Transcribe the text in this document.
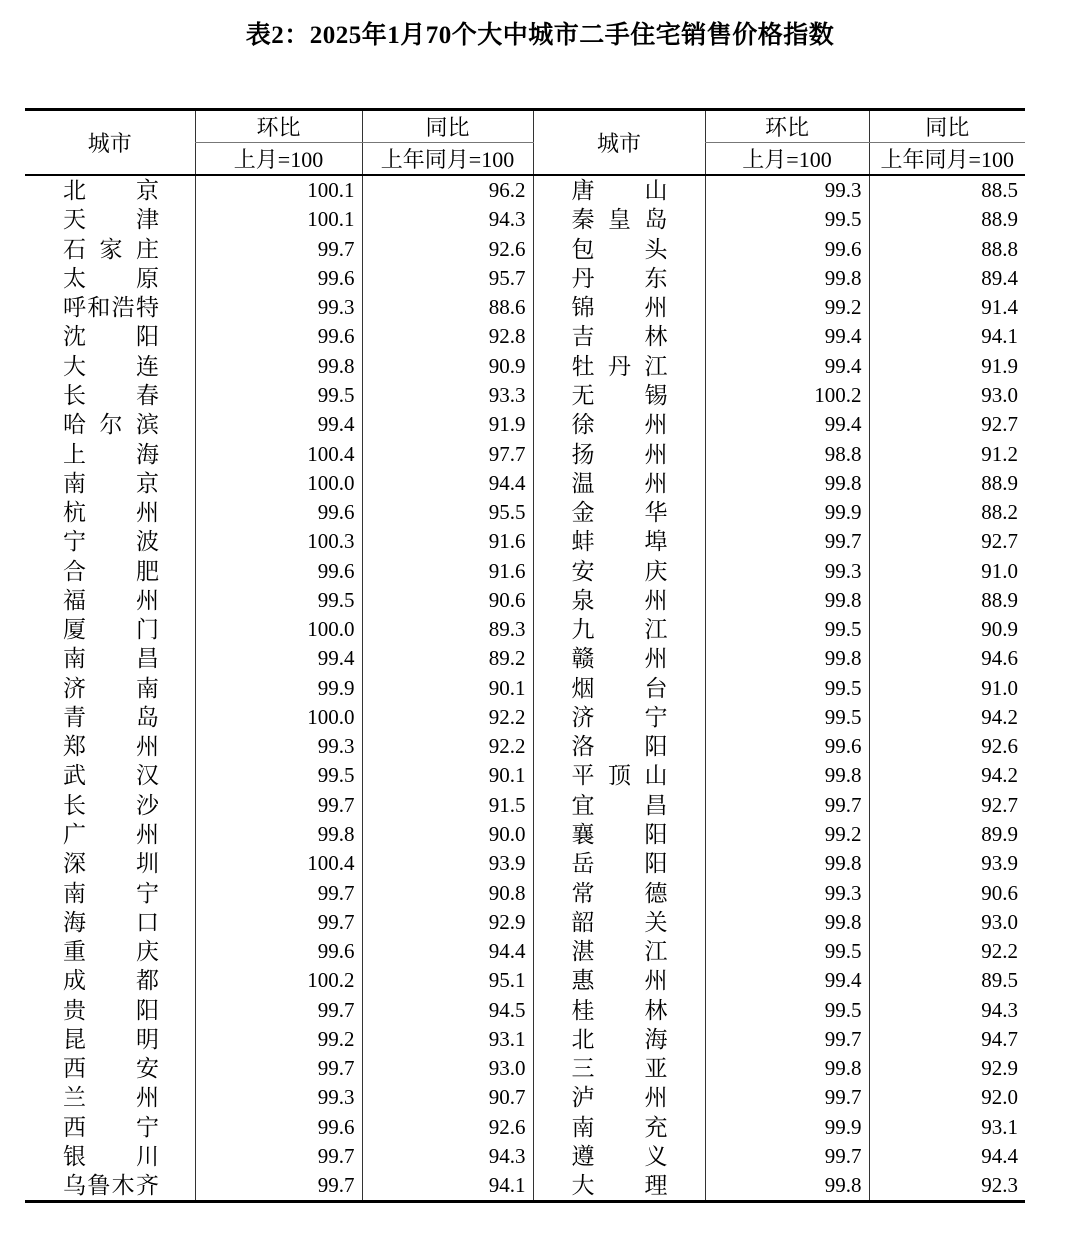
表2：2025年1月70个大中城市二手住宅销售价格指数
城市	环比	同比	城市	环比	同比
	上月=100	上年同月=100		上月=100	上年同月=100
北京	100.1	96.2	唐山	99.3	88.5
天津	100.1	94.3	秦皇岛	99.5	88.9
石家庄	99.7	92.6	包头	99.6	88.8
太原	99.6	95.7	丹东	99.8	89.4
呼和浩特	99.3	88.6	锦州	99.2	91.4
沈阳	99.6	92.8	吉林	99.4	94.1
大连	99.8	90.9	牡丹江	99.4	91.9
长春	99.5	93.3	无锡	100.2	93.0
哈尔滨	99.4	91.9	徐州	99.4	92.7
上海	100.4	97.7	扬州	98.8	91.2
南京	100.0	94.4	温州	99.8	88.9
杭州	99.6	95.5	金华	99.9	88.2
宁波	100.3	91.6	蚌埠	99.7	92.7
合肥	99.6	91.6	安庆	99.3	91.0
福州	99.5	90.6	泉州	99.8	88.9
厦门	100.0	89.3	九江	99.5	90.9
南昌	99.4	89.2	赣州	99.8	94.6
济南	99.9	90.1	烟台	99.5	91.0
青岛	100.0	92.2	济宁	99.5	94.2
郑州	99.3	92.2	洛阳	99.6	92.6
武汉	99.5	90.1	平顶山	99.8	94.2
长沙	99.7	91.5	宜昌	99.7	92.7
广州	99.8	90.0	襄阳	99.2	89.9
深圳	100.4	93.9	岳阳	99.8	93.9
南宁	99.7	90.8	常德	99.3	90.6
海口	99.7	92.9	韶关	99.8	93.0
重庆	99.6	94.4	湛江	99.5	92.2
成都	100.2	95.1	惠州	99.4	89.5
贵阳	99.7	94.5	桂林	99.5	94.3
昆明	99.2	93.1	北海	99.7	94.7
西安	99.7	93.0	三亚	99.8	92.9
兰州	99.3	90.7	泸州	99.7	92.0
西宁	99.6	92.6	南充	99.9	93.1
银川	99.7	94.3	遵义	99.7	94.4
乌鲁木齐	99.7	94.1	大理	99.8	92.3
